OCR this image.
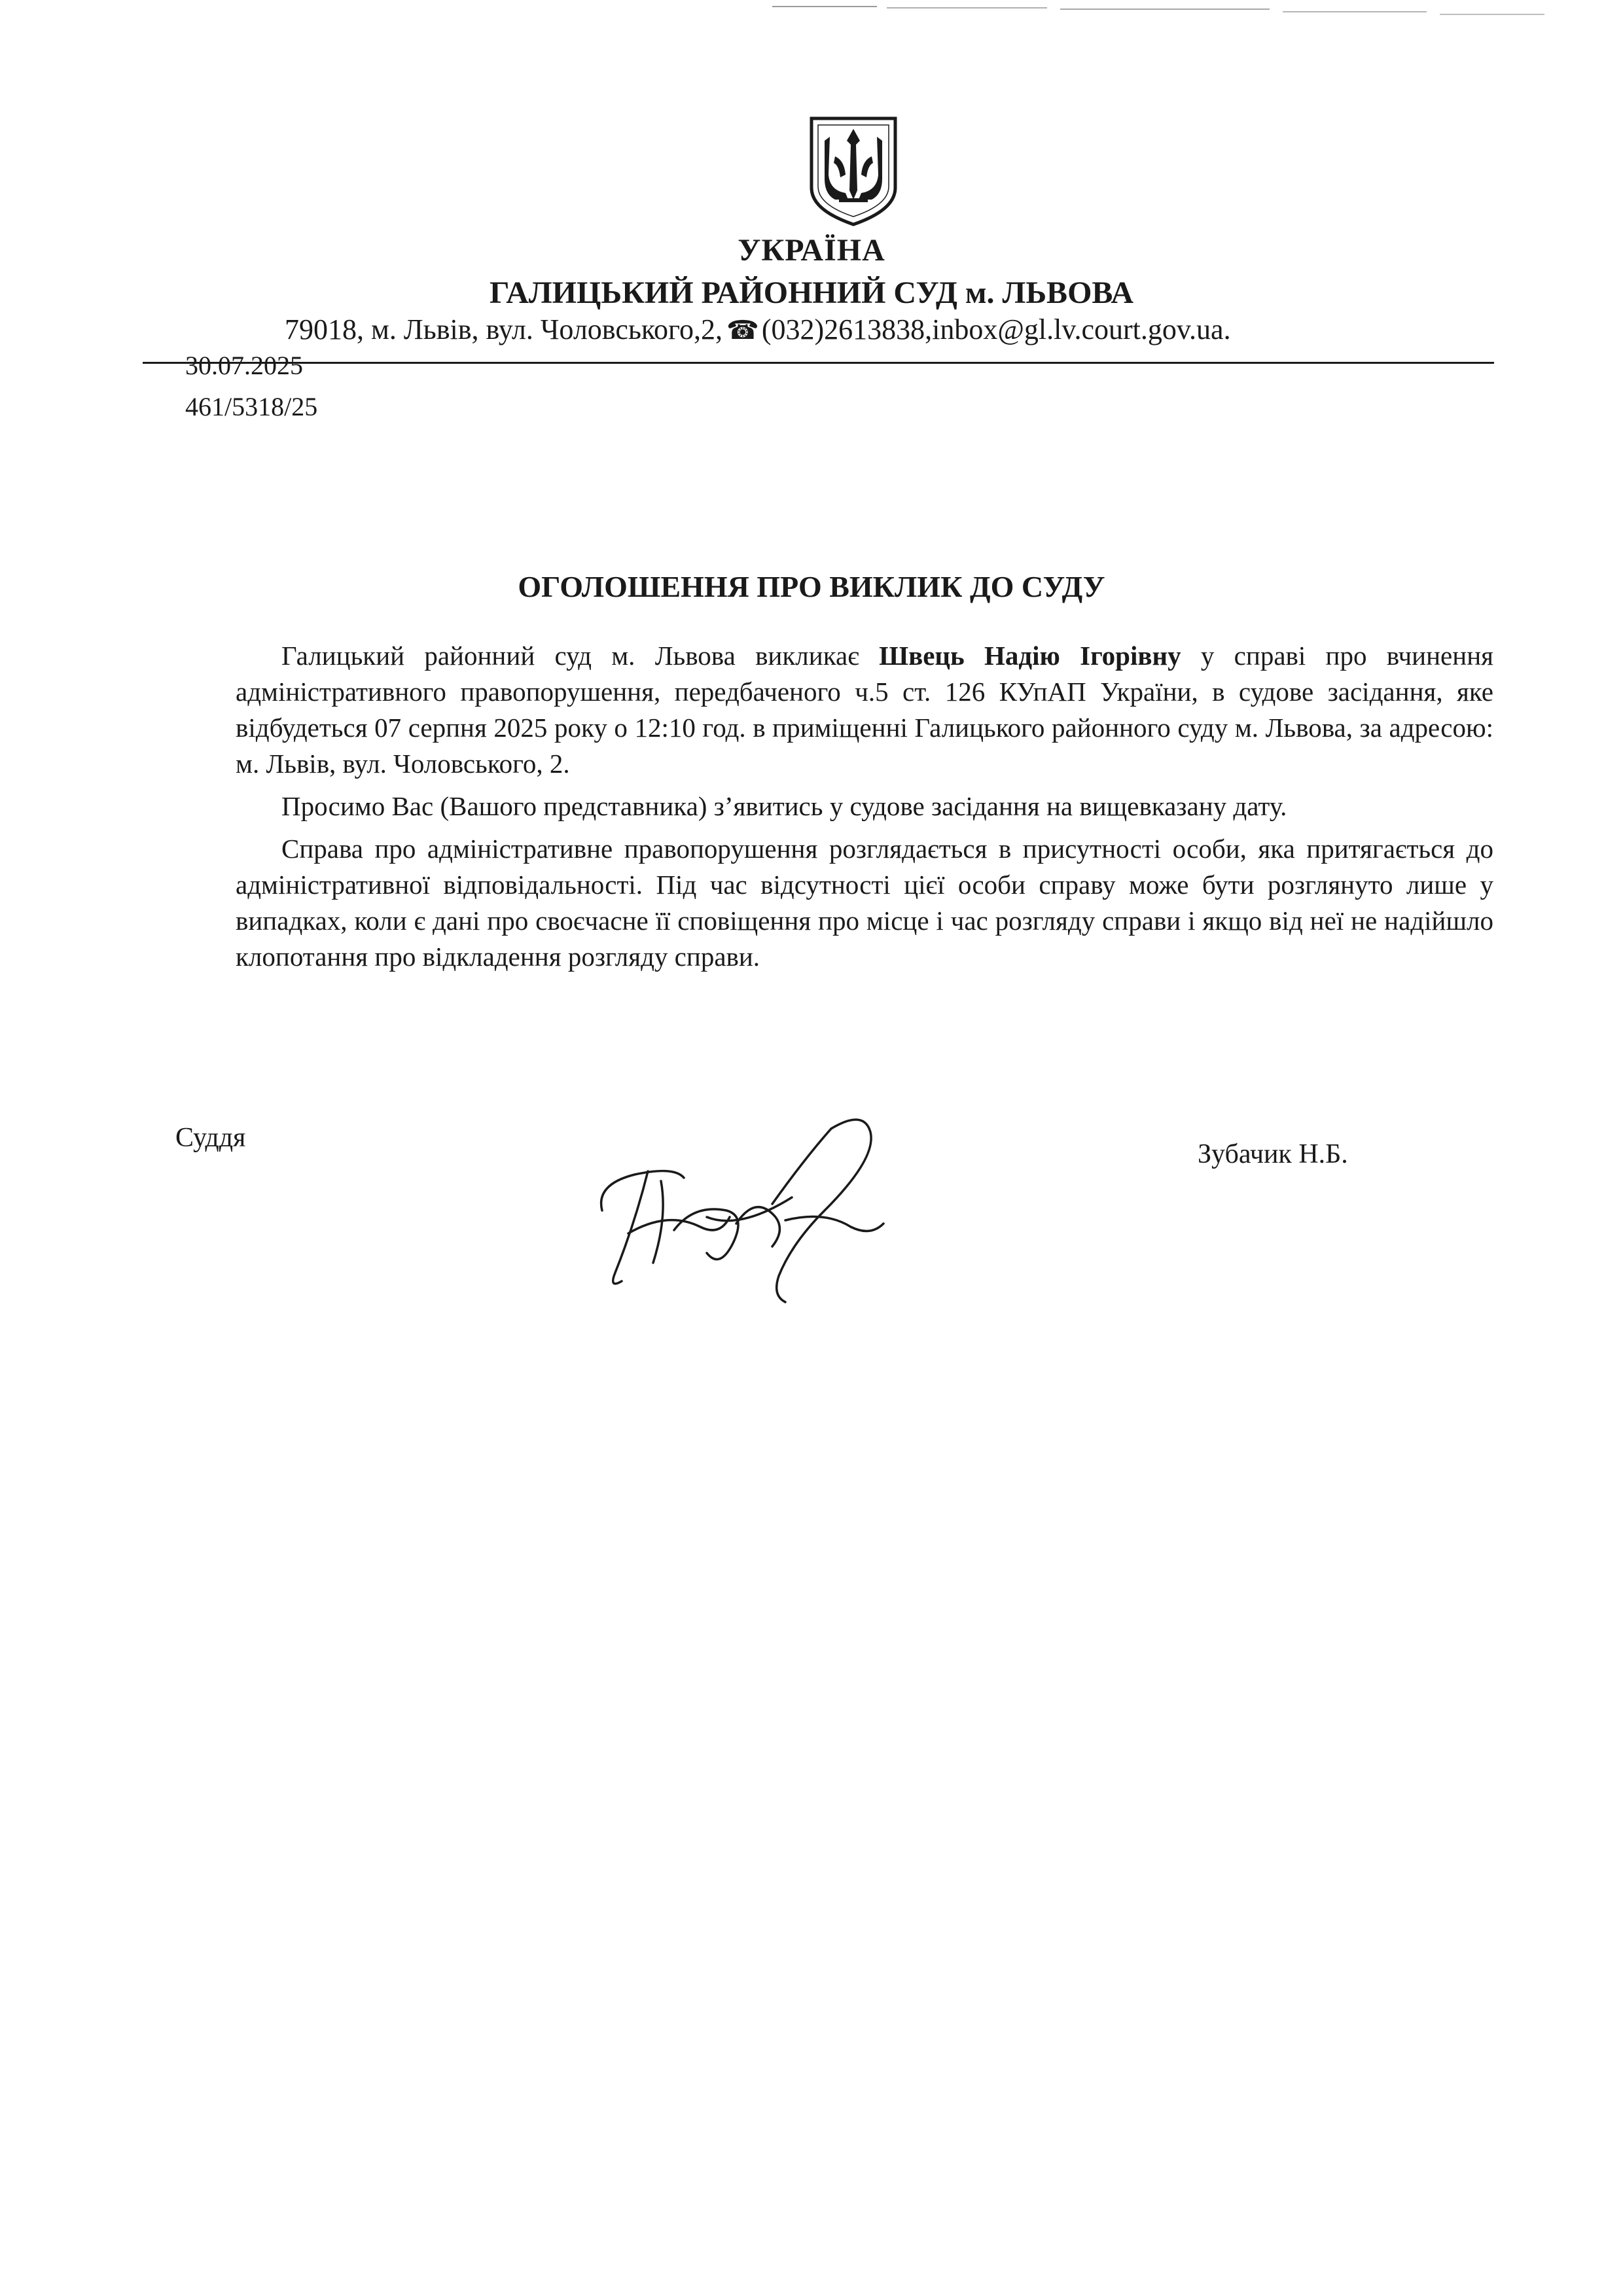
УКРАЇНА
ГАЛИЦЬКИЙ РАЙОННИЙ СУД м. ЛЬВОВА
79018, м. Львів, вул. Чоловського,2, ☎(032)2613838,inbox@gl.lv.court.gov.ua.
30.07.2025
461/5318/25
ОГОЛОШЕННЯ ПРО ВИКЛИК ДО СУДУ

Галицький районний суд м. Львова викликає Швець Надію Ігорівну у справі про вчинення адміністративного правопорушення, передбаченого ч.5 ст. 126 КУпАП України, в судове засідання, яке відбудеться 07 серпня 2025 року о 12:10 год. в приміщенні Галицького районного суду м. Львова, за адресою: м. Львів, вул. Чоловського, 2.

Просимо Вас (Вашого представника) з’явитись у судове засідання на вищевказану дату.

Справа про адміністративне правопорушення розглядається в присутності особи, яка притягається до адміністративної відповідальності. Під час відсутності цієї особи справу може бути розглянуто лише у випадках, коли є дані про своєчасне її сповіщення про місце і час розгляду справи і якщо від неї не надійшло клопотання про відкладення розгляду справи.

Суддя
Зубачик Н.Б.
